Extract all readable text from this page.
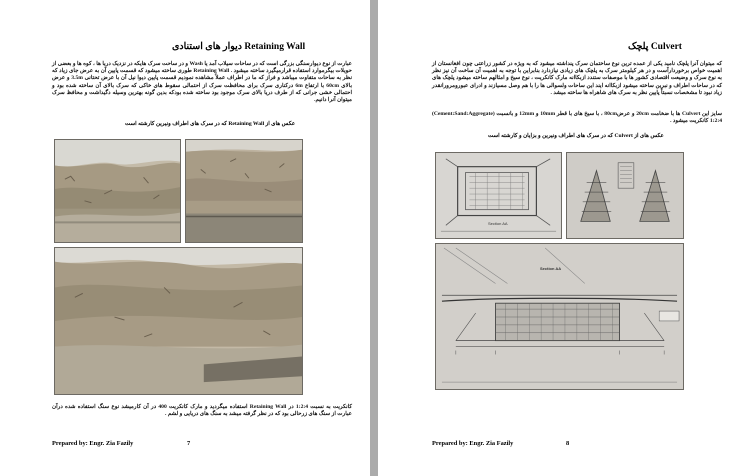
دیوار های استنادی Retaining Wall
عبارت از نوع دیوارسنگی بزرگی است که در ساحات سیلاب آمد یا Wash و در ساحت سرک هایکه در نزدیک دریا ها ، کوه ها و بعضی از حویلات بیگرموارد استفاده قرارمیگیرد ساخته میشود . Retaining Wall طوری ساخته میشود که قسمت پایین آن به عرض جای زیاد که نظر به ساحات متفاوت میباشد و فراز که ما در اطراف عملاً مشاهده نمودیم قسمت پایین دیوا نیل آن با عرض تحتانی 3.5m و عرض بالای 60cm با ارتفاع 6m درکناری سرک برای محافظت سرک از احتمالی سقوط های خاکی که سرک بالای آن ساخته شده بود و احتمالی خشی جرانی که از طرف دریا بالای سرک موجود بود ساخته شده بودکه بدین گونه بهترین وسیله دگیداشت و محافظ سرک میتوان آنرا دانیم.
عکس های از Retaining Wall که در سرک های اطراف ونیرین کارشته است
کانکریت به نسبت 1:2:4 در Retaining Wall استفاده میگردید و مارک کانکریت 400 در آن کارمیشد نوع سنگ استفاده شده درآن عبارت از سنگ های زرحالی بود که در نظر گرفته میشد به سنگ های دریایی و لشم .
Prepared by: Engr. Zia Fazily	7
پلچک Culvert
که میتوان آنرا پلچک نامید یکی از عمده ترین نوع ساختمان سرک پنداشته میشود که به ویژه در کشور زراعتی چون افغانستان از اهمیت خواص برخوردارآست و در هر کیلومتر سرک به پلچک های زیادی نیازدارد بنابراین با توجه به اهمیت آن ساخت آن نیز نظر به نوع سرک و وضیعت اقتصادی کشور ها با موصفات ستندد ازبکاانه مارک کانکریت ، نوع سیخ و امثالهم ساخته میشود پلچک های که در ساحات اطراف و نبرین ساخته میشود ازبکاانه ایند این ساحات ولسوالی ها را با هم وصل مسیازند و ادرای عبورومرورانقدر زیاد نبود تا مشخصات نسبتاً پایین نظر به سرک های شاهراه ها ساخته میشد .
سایز این Culvert ها با ضخامت 20cm و عرض80cm ، با سیخ های با قطر 10mm و 12mm و بانسبت (Cement:Sand:Aggregate) 1:2:4 کانکریت میشود .
عکس های از Culvert که در سرک های اطراف ونیرین و بزایان و کارشته است
Section AA
Section AA
Prepared by: Engr. Zia Fazily	8
